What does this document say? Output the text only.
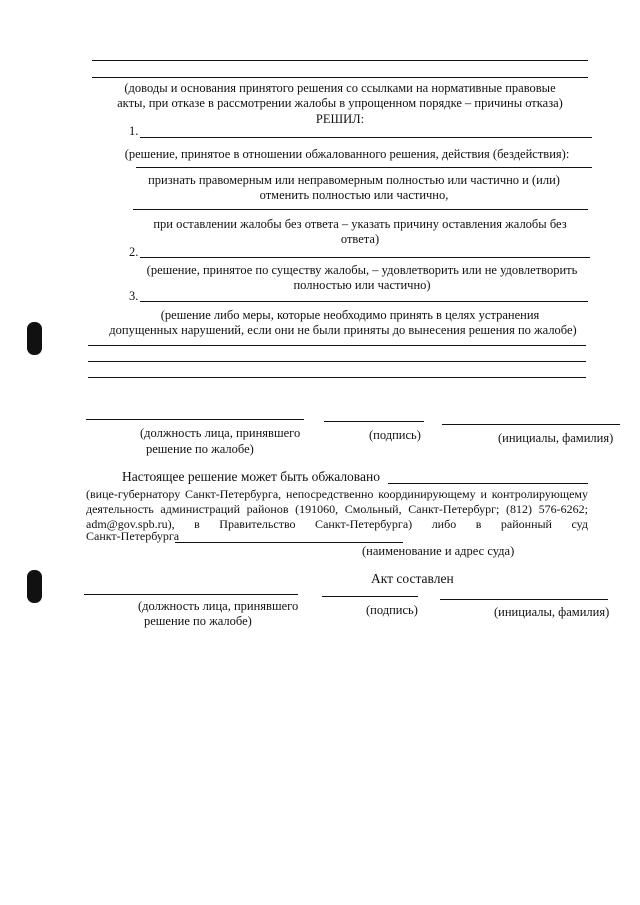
(доводы и основания принятого решения со ссылками на нормативные правовые
акты, при отказе в рассмотрении жалобы в упрощенном порядке – причины отказа)
РЕШИЛ:
1.
(решение, принятое в отношении обжалованного решения, действия (бездействия):
признать правомерным или неправомерным полностью или частично и (или)
отменить полностью или частично,
при оставлении жалобы без ответа – указать причину оставления жалобы без
ответа)
2.
(решение, принятое по существу жалобы, – удовлетворить или не удовлетворить
полностью или частично)
3.
(решение либо меры, которые необходимо принять в целях устранения
допущенных нарушений, если они не были приняты до вынесения решения по жалобе)
(должность лица, принявшего
решение по жалобе)
(подпись)	(инициалы, фамилия)
Настоящее решение может быть обжаловано
(вице-губернатору Санкт-Петербурга, непосредственно координирующему и контролирующему
деятельность администраций районов (191060, Смольный, Санкт-Петербург; (812) 576-6262;
adm@gov.spb.ru), в Правительство Санкт-Петербурга) либо в районный суд
Санкт-Петербурга
(наименование и адрес суда)
Акт составлен
(должность лица, принявшего
решение по жалобе)
(подпись)	(инициалы, фамилия)
